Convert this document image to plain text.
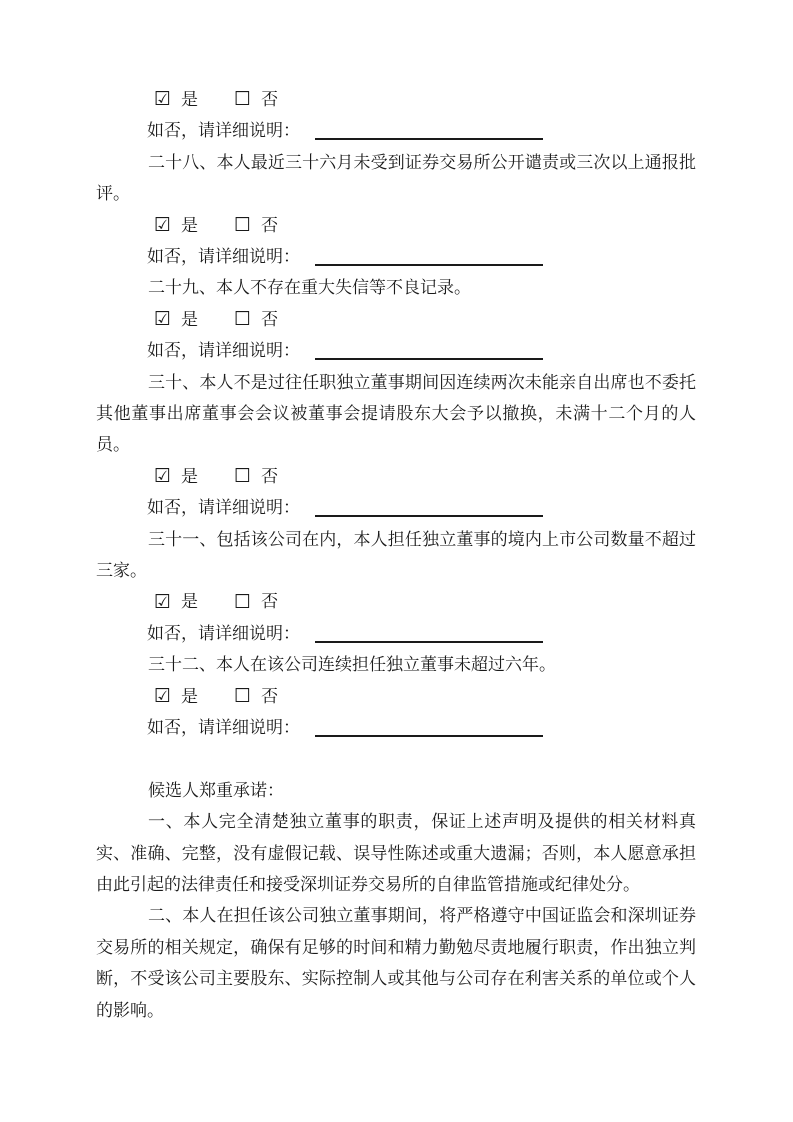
☑ 是 ☐ 否
如否，请详细说明：

二十八、本人最近三十六月未受到证券交易所公开谴责或三次以上通报批评。

☑ 是 ☐ 否
如否，请详细说明：

二十九、本人不存在重大失信等不良记录。

☑ 是 ☐ 否
如否，请详细说明：

三十、本人不是过往任职独立董事期间因连续两次未能亲自出席也不委托其他董事出席董事会会议被董事会提请股东大会予以撤换，未满十二个月的人员。

☑ 是 ☐ 否
如否，请详细说明：

三十一、包括该公司在内，本人担任独立董事的境内上市公司数量不超过三家。

☑ 是 ☐ 否
如否，请详细说明：

三十二、本人在该公司连续担任独立董事未超过六年。

☑ 是 ☐ 否
如否，请详细说明：

候选人郑重承诺：

一、本人完全清楚独立董事的职责，保证上述声明及提供的相关材料真实、准确、完整，没有虚假记载、误导性陈述或重大遗漏；否则，本人愿意承担由此引起的法律责任和接受深圳证券交易所的自律监管措施或纪律处分。

二、本人在担任该公司独立董事期间，将严格遵守中国证监会和深圳证券交易所的相关规定，确保有足够的时间和精力勤勉尽责地履行职责，作出独立判断，不受该公司主要股东、实际控制人或其他与公司存在利害关系的单位或个人的影响。
